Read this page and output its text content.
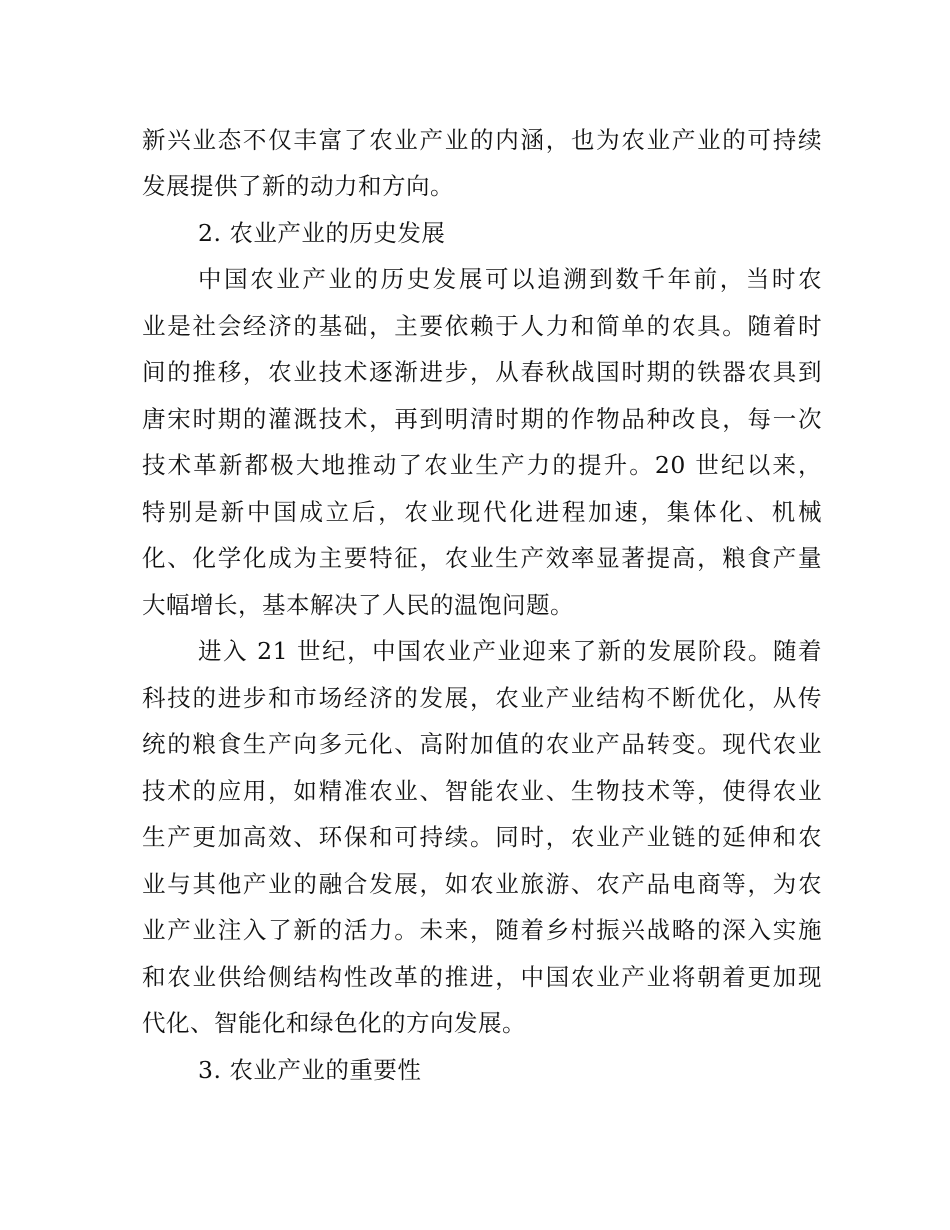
新兴业态不仅丰富了农业产业的内涵，也为农业产业的可持续
发展提供了新的动力和方向。
2. 农业产业的历史发展
中国农业产业的历史发展可以追溯到数千年前，当时农
业是社会经济的基础，主要依赖于人力和简单的农具。随着时
间的推移，农业技术逐渐进步，从春秋战国时期的铁器农具到
唐宋时期的灌溉技术，再到明清时期的作物品种改良，每一次
技术革新都极大地推动了农业生产力的提升。20 世纪以来，
特别是新中国成立后，农业现代化进程加速，集体化、机械
化、化学化成为主要特征，农业生产效率显著提高，粮食产量
大幅增长，基本解决了人民的温饱问题。
进入 21 世纪，中国农业产业迎来了新的发展阶段。随着
科技的进步和市场经济的发展，农业产业结构不断优化，从传
统的粮食生产向多元化、高附加值的农业产品转变。现代农业
技术的应用，如精准农业、智能农业、生物技术等，使得农业
生产更加高效、环保和可持续。同时，农业产业链的延伸和农
业与其他产业的融合发展，如农业旅游、农产品电商等，为农
业产业注入了新的活力。未来，随着乡村振兴战略的深入实施
和农业供给侧结构性改革的推进，中国农业产业将朝着更加现
代化、智能化和绿色化的方向发展。
3. 农业产业的重要性
